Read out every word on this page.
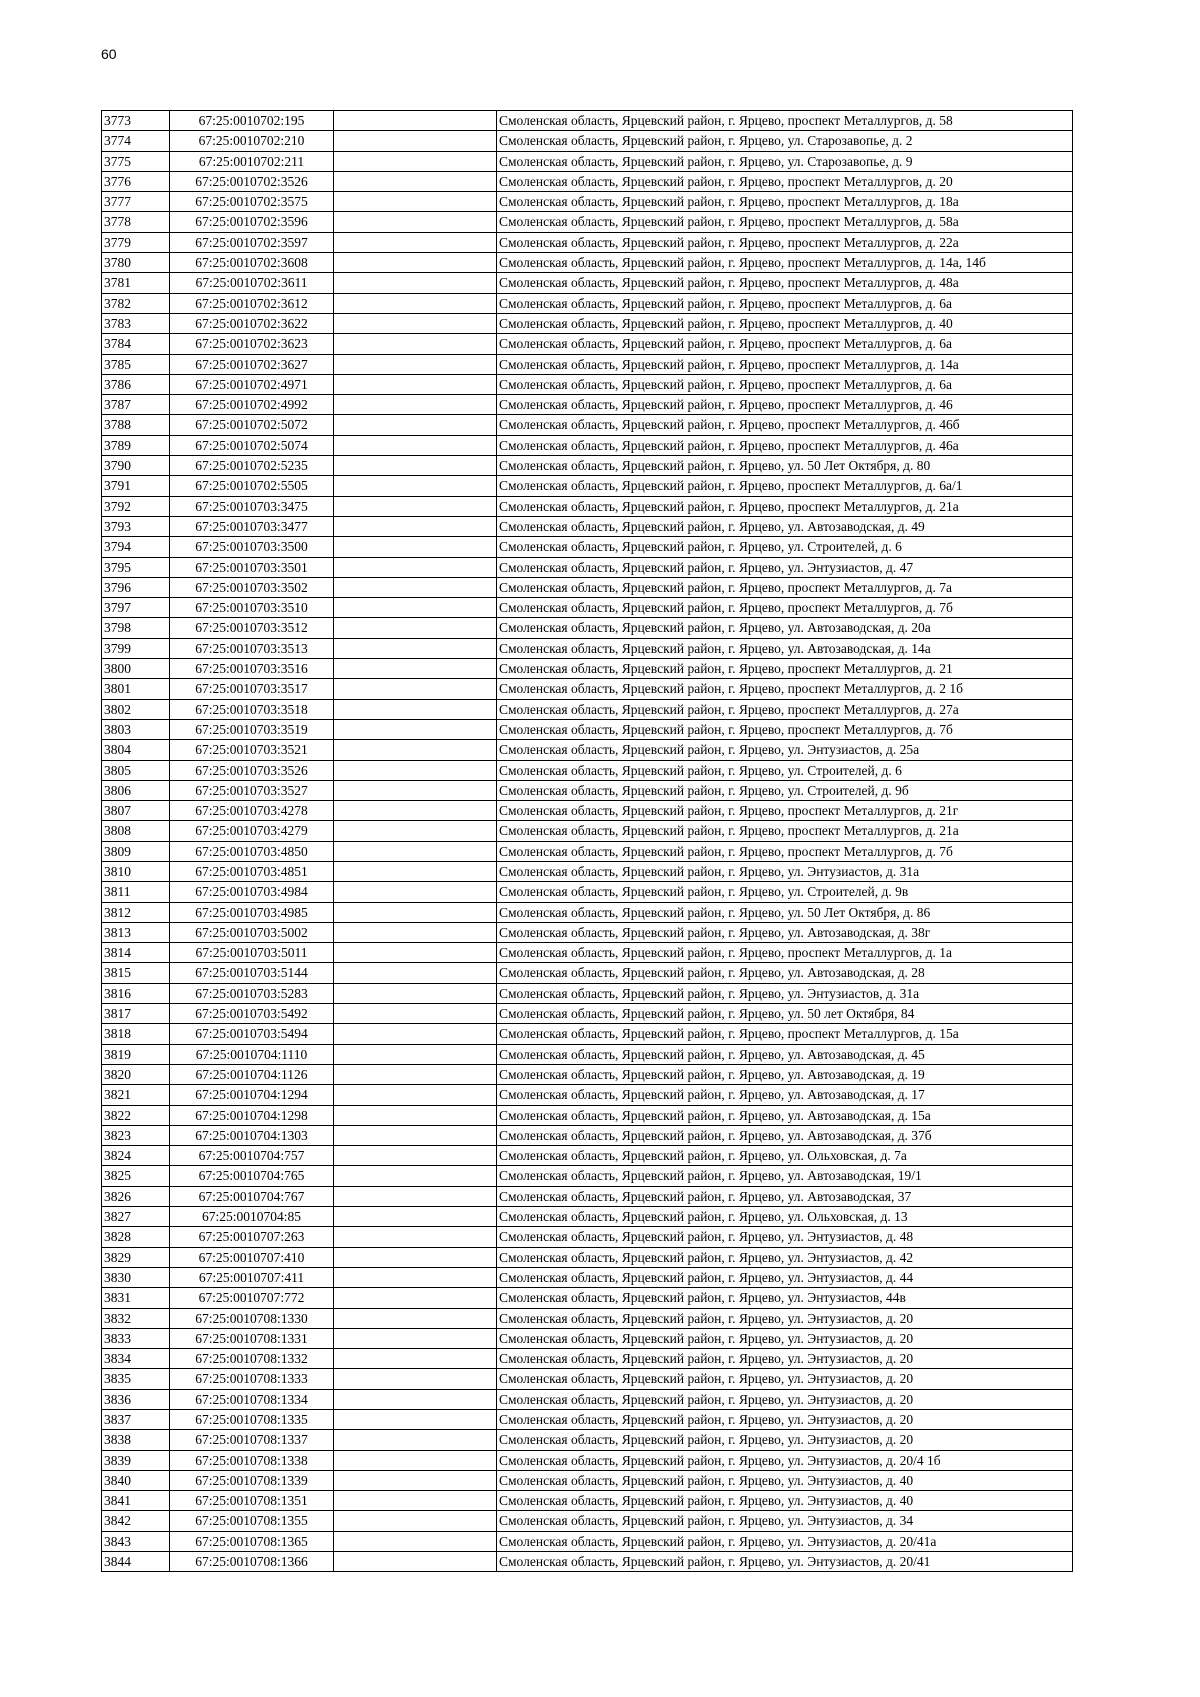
60
3773	67:25:0010702:195		Смоленская область, Ярцевский район, г. Ярцево, проспект Металлургов, д. 58
3774	67:25:0010702:210		Смоленская область, Ярцевский район, г. Ярцево, ул. Старозавопье, д. 2
3775	67:25:0010702:211		Смоленская область, Ярцевский район, г. Ярцево, ул. Старозавопье, д. 9
3776	67:25:0010702:3526		Смоленская область, Ярцевский район, г. Ярцево, проспект Металлургов, д. 20
3777	67:25:0010702:3575		Смоленская область, Ярцевский район, г. Ярцево, проспект Металлургов, д. 18а
3778	67:25:0010702:3596		Смоленская область, Ярцевский район, г. Ярцево, проспект Металлургов, д. 58а
3779	67:25:0010702:3597		Смоленская область, Ярцевский район, г. Ярцево, проспект Металлургов, д. 22а
3780	67:25:0010702:3608		Смоленская область, Ярцевский район, г. Ярцево, проспект Металлургов, д. 14а, 14б
3781	67:25:0010702:3611		Смоленская область, Ярцевский район, г. Ярцево, проспект Металлургов, д. 48а
3782	67:25:0010702:3612		Смоленская область, Ярцевский район, г. Ярцево, проспект Металлургов, д. 6а
3783	67:25:0010702:3622		Смоленская область, Ярцевский район, г. Ярцево, проспект Металлургов, д. 40
3784	67:25:0010702:3623		Смоленская область, Ярцевский район, г. Ярцево, проспект Металлургов, д. 6а
3785	67:25:0010702:3627		Смоленская область, Ярцевский район, г. Ярцево, проспект Металлургов, д. 14а
3786	67:25:0010702:4971		Смоленская область, Ярцевский район, г. Ярцево, проспект Металлургов, д. 6а
3787	67:25:0010702:4992		Смоленская область, Ярцевский район, г. Ярцево, проспект Металлургов, д. 46
3788	67:25:0010702:5072		Смоленская область, Ярцевский район, г. Ярцево, проспект Металлургов, д. 46б
3789	67:25:0010702:5074		Смоленская область, Ярцевский район, г. Ярцево, проспект Металлургов, д. 46а
3790	67:25:0010702:5235		Смоленская область, Ярцевский район, г. Ярцево, ул. 50 Лет Октября, д. 80
3791	67:25:0010702:5505		Смоленская область, Ярцевский район, г. Ярцево, проспект Металлургов, д. 6а/1
3792	67:25:0010703:3475		Смоленская область, Ярцевский район, г. Ярцево, проспект Металлургов, д. 21а
3793	67:25:0010703:3477		Смоленская область, Ярцевский район, г. Ярцево, ул. Автозаводская, д. 49
3794	67:25:0010703:3500		Смоленская область, Ярцевский район, г. Ярцево, ул. Строителей, д. 6
3795	67:25:0010703:3501		Смоленская область, Ярцевский район, г. Ярцево, ул. Энтузиастов, д. 47
3796	67:25:0010703:3502		Смоленская область, Ярцевский район, г. Ярцево, проспект Металлургов, д. 7а
3797	67:25:0010703:3510		Смоленская область, Ярцевский район, г. Ярцево, проспект Металлургов, д. 7б
3798	67:25:0010703:3512		Смоленская область, Ярцевский район, г. Ярцево, ул. Автозаводская, д. 20а
3799	67:25:0010703:3513		Смоленская область, Ярцевский район, г. Ярцево, ул. Автозаводская, д. 14а
3800	67:25:0010703:3516		Смоленская область, Ярцевский район, г. Ярцево, проспект Металлургов, д. 21
3801	67:25:0010703:3517		Смоленская область, Ярцевский район, г. Ярцево, проспект Металлургов, д. 2 1б
3802	67:25:0010703:3518		Смоленская область, Ярцевский район, г. Ярцево, проспект Металлургов, д. 27а
3803	67:25:0010703:3519		Смоленская область, Ярцевский район, г. Ярцево, проспект Металлургов, д. 7б
3804	67:25:0010703:3521		Смоленская область, Ярцевский район, г. Ярцево, ул. Энтузиастов, д. 25а
3805	67:25:0010703:3526		Смоленская область, Ярцевский район, г. Ярцево, ул. Строителей, д. 6
3806	67:25:0010703:3527		Смоленская область, Ярцевский район, г. Ярцево, ул. Строителей, д. 9б
3807	67:25:0010703:4278		Смоленская область, Ярцевский район, г. Ярцево, проспект Металлургов, д. 21г
3808	67:25:0010703:4279		Смоленская область, Ярцевский район, г. Ярцево, проспект Металлургов, д. 21а
3809	67:25:0010703:4850		Смоленская область, Ярцевский район, г. Ярцево, проспект Металлургов, д. 7б
3810	67:25:0010703:4851		Смоленская область, Ярцевский район, г. Ярцево, ул. Энтузиастов, д. 31а
3811	67:25:0010703:4984		Смоленская область, Ярцевский район, г. Ярцево, ул. Строителей, д. 9в
3812	67:25:0010703:4985		Смоленская область, Ярцевский район, г. Ярцево, ул. 50 Лет Октября, д. 86
3813	67:25:0010703:5002		Смоленская область, Ярцевский район, г. Ярцево, ул. Автозаводская, д. 38г
3814	67:25:0010703:5011		Смоленская область, Ярцевский район, г. Ярцево, проспект Металлургов, д. 1а
3815	67:25:0010703:5144		Смоленская область, Ярцевский район, г. Ярцево, ул. Автозаводская, д. 28
3816	67:25:0010703:5283		Смоленская область, Ярцевский район, г. Ярцево, ул. Энтузиастов, д. 31а
3817	67:25:0010703:5492		Смоленская область, Ярцевский район, г. Ярцево, ул. 50 лет Октября, 84
3818	67:25:0010703:5494		Смоленская область, Ярцевский район, г. Ярцево, проспект Металлургов, д. 15а
3819	67:25:0010704:1110		Смоленская область, Ярцевский район, г. Ярцево, ул. Автозаводская, д. 45
3820	67:25:0010704:1126		Смоленская область, Ярцевский район, г. Ярцево, ул. Автозаводская, д. 19
3821	67:25:0010704:1294		Смоленская область, Ярцевский район, г. Ярцево, ул. Автозаводская, д. 17
3822	67:25:0010704:1298		Смоленская область, Ярцевский район, г. Ярцево, ул. Автозаводская, д. 15а
3823	67:25:0010704:1303		Смоленская область, Ярцевский район, г. Ярцево, ул. Автозаводская, д. 37б
3824	67:25:0010704:757		Смоленская область, Ярцевский район, г. Ярцево, ул. Ольховская, д. 7а
3825	67:25:0010704:765		Смоленская область, Ярцевский район, г. Ярцево, ул. Автозаводская, 19/1
3826	67:25:0010704:767		Смоленская область, Ярцевский район, г. Ярцево, ул. Автозаводская, 37
3827	67:25:0010704:85		Смоленская область, Ярцевский район, г. Ярцево, ул. Ольховская, д. 13
3828	67:25:0010707:263		Смоленская область, Ярцевский район, г. Ярцево, ул. Энтузиастов, д. 48
3829	67:25:0010707:410		Смоленская область, Ярцевский район, г. Ярцево, ул. Энтузиастов, д. 42
3830	67:25:0010707:411		Смоленская область, Ярцевский район, г. Ярцево, ул. Энтузиастов, д. 44
3831	67:25:0010707:772		Смоленская область, Ярцевский район, г. Ярцево, ул. Энтузиастов, 44в
3832	67:25:0010708:1330		Смоленская область, Ярцевский район, г. Ярцево, ул. Энтузиастов, д. 20
3833	67:25:0010708:1331		Смоленская область, Ярцевский район, г. Ярцево, ул. Энтузиастов, д. 20
3834	67:25:0010708:1332		Смоленская область, Ярцевский район, г. Ярцево, ул. Энтузиастов, д. 20
3835	67:25:0010708:1333		Смоленская область, Ярцевский район, г. Ярцево, ул. Энтузиастов, д. 20
3836	67:25:0010708:1334		Смоленская область, Ярцевский район, г. Ярцево, ул. Энтузиастов, д. 20
3837	67:25:0010708:1335		Смоленская область, Ярцевский район, г. Ярцево, ул. Энтузиастов, д. 20
3838	67:25:0010708:1337		Смоленская область, Ярцевский район, г. Ярцево, ул. Энтузиастов, д. 20
3839	67:25:0010708:1338		Смоленская область, Ярцевский район, г. Ярцево, ул. Энтузиастов, д. 20/4 1б
3840	67:25:0010708:1339		Смоленская область, Ярцевский район, г. Ярцево, ул. Энтузиастов, д. 40
3841	67:25:0010708:1351		Смоленская область, Ярцевский район, г. Ярцево, ул. Энтузиастов, д. 40
3842	67:25:0010708:1355		Смоленская область, Ярцевский район, г. Ярцево, ул. Энтузиастов, д. 34
3843	67:25:0010708:1365		Смоленская область, Ярцевский район, г. Ярцево, ул. Энтузиастов, д. 20/41а
3844	67:25:0010708:1366		Смоленская область, Ярцевский район, г. Ярцево, ул. Энтузиастов, д. 20/41
